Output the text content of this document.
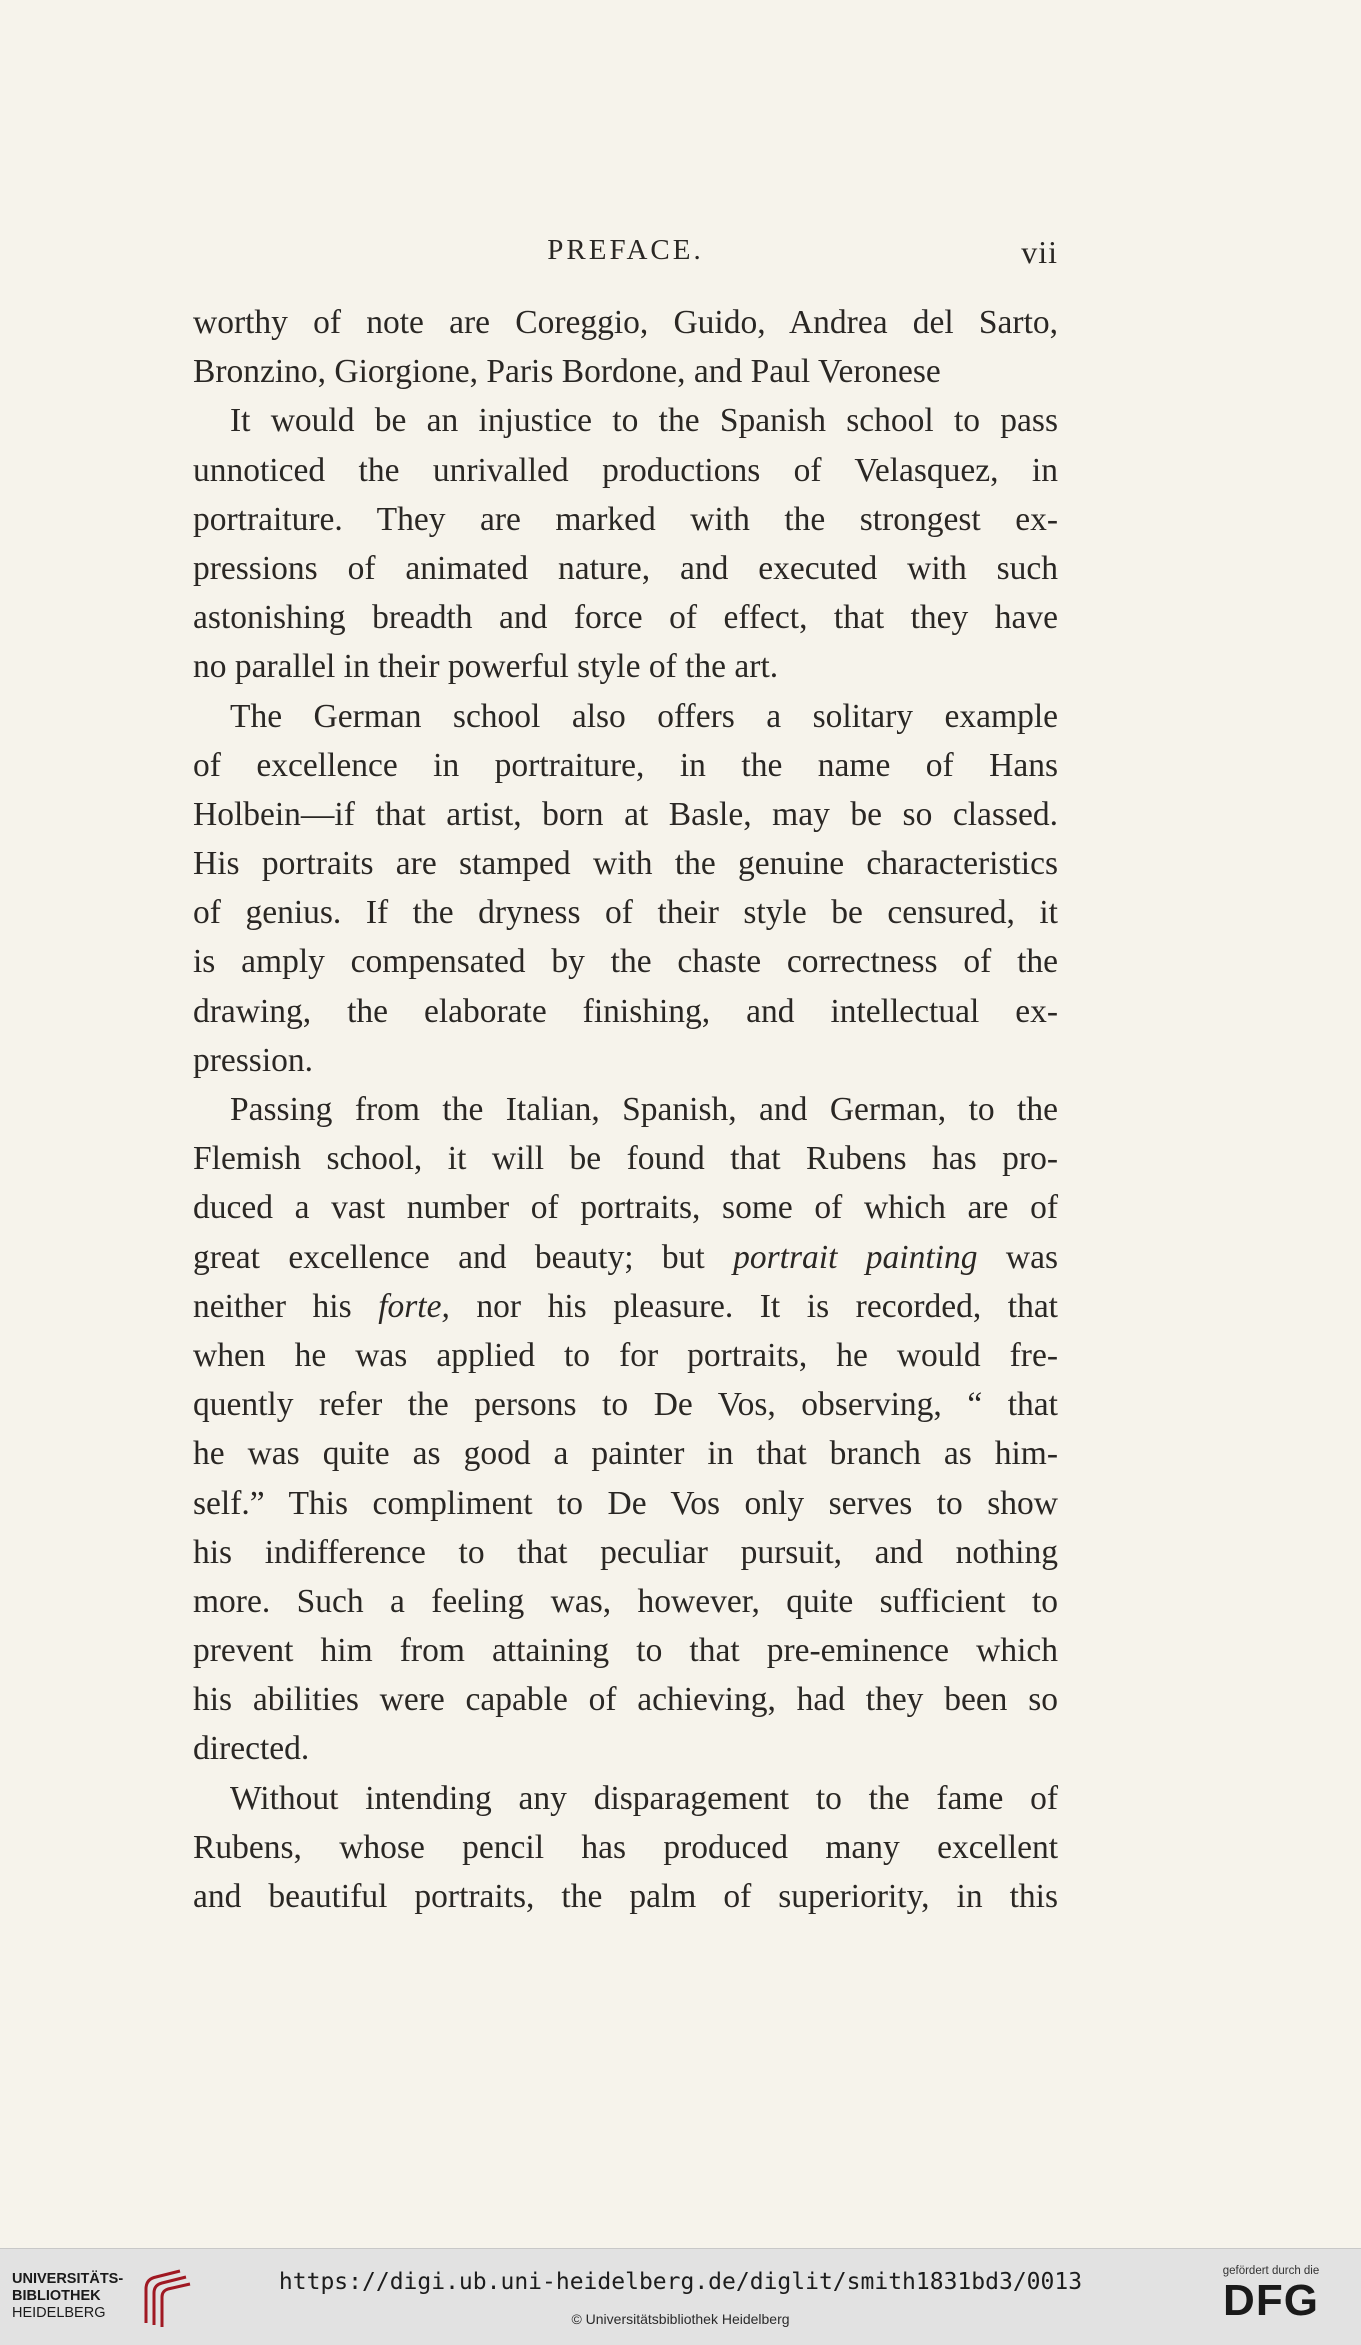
PREFACE.	vii
worthy of note are Coreggio, Guido, Andrea del Sarto,
Bronzino, Giorgione, Paris Bordone, and Paul Veronese
It would be an injustice to the Spanish school to pass
unnoticed the unrivalled productions of Velasquez, in
portraiture. They are marked with the strongest ex-
pressions of animated nature, and executed with such
astonishing breadth and force of effect, that they have
no parallel in their powerful style of the art.
The German school also offers a solitary example
of excellence in portraiture, in the name of Hans
Holbein—if that artist, born at Basle, may be so classed.
His portraits are stamped with the genuine characteristics
of genius. If the dryness of their style be censured, it
is amply compensated by the chaste correctness of the
drawing, the elaborate finishing, and intellectual ex-
pression.
Passing from the Italian, Spanish, and German, to the
Flemish school, it will be found that Rubens has pro-
duced a vast number of portraits, some of which are of
great excellence and beauty; but portrait painting was
neither his forte, nor his pleasure. It is recorded, that
when he was applied to for portraits, he would fre-
quently refer the persons to De Vos, observing, “ that
he was quite as good a painter in that branch as him-
self.” This compliment to De Vos only serves to show
his indifference to that peculiar pursuit, and nothing
more. Such a feeling was, however, quite sufficient to
prevent him from attaining to that pre-eminence which
his abilities were capable of achieving, had they been so
directed.
Without intending any disparagement to the fame of
Rubens, whose pencil has produced many excellent
and beautiful portraits, the palm of superiority, in this
UNIVERSITÄTS-
BIBLIOTHEK
HEIDELBERG
https://digi.ub.uni-heidelberg.de/diglit/smith1831bd3/0013
© Universitätsbibliothek Heidelberg
gefördert durch die
DFG
